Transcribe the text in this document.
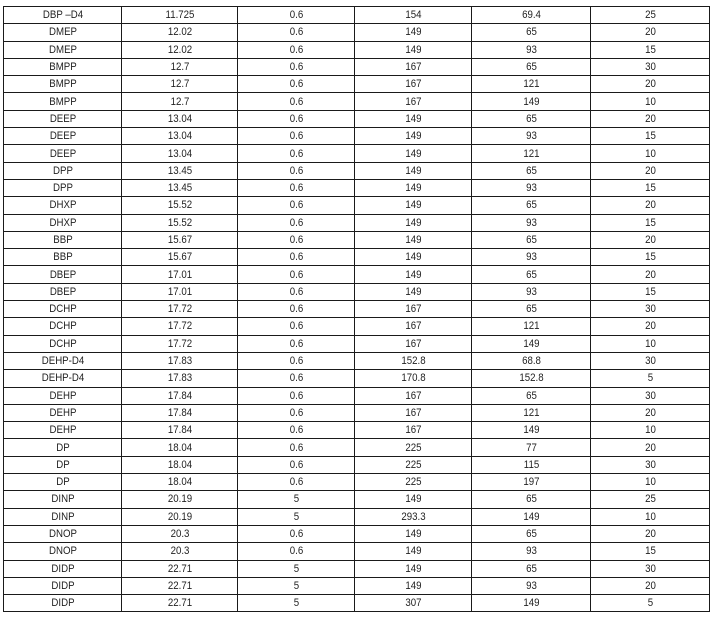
DBP –D4	11.725	0.6	154	69.4	25
DMEP	12.02	0.6	149	65	20
DMEP	12.02	0.6	149	93	15
BMPP	12.7	0.6	167	65	30
BMPP	12.7	0.6	167	121	20
BMPP	12.7	0.6	167	149	10
DEEP	13.04	0.6	149	65	20
DEEP	13.04	0.6	149	93	15
DEEP	13.04	0.6	149	121	10
DPP	13.45	0.6	149	65	20
DPP	13.45	0.6	149	93	15
DHXP	15.52	0.6	149	65	20
DHXP	15.52	0.6	149	93	15
BBP	15.67	0.6	149	65	20
BBP	15.67	0.6	149	93	15
DBEP	17.01	0.6	149	65	20
DBEP	17.01	0.6	149	93	15
DCHP	17.72	0.6	167	65	30
DCHP	17.72	0.6	167	121	20
DCHP	17.72	0.6	167	149	10
DEHP-D4	17.83	0.6	152.8	68.8	30
DEHP-D4	17.83	0.6	170.8	152.8	5
DEHP	17.84	0.6	167	65	30
DEHP	17.84	0.6	167	121	20
DEHP	17.84	0.6	167	149	10
DP	18.04	0.6	225	77	20
DP	18.04	0.6	225	115	30
DP	18.04	0.6	225	197	10
DINP	20.19	5	149	65	25
DINP	20.19	5	293.3	149	10
DNOP	20.3	0.6	149	65	20
DNOP	20.3	0.6	149	93	15
DIDP	22.71	5	149	65	30
DIDP	22.71	5	149	93	20
DIDP	22.71	5	307	149	5
